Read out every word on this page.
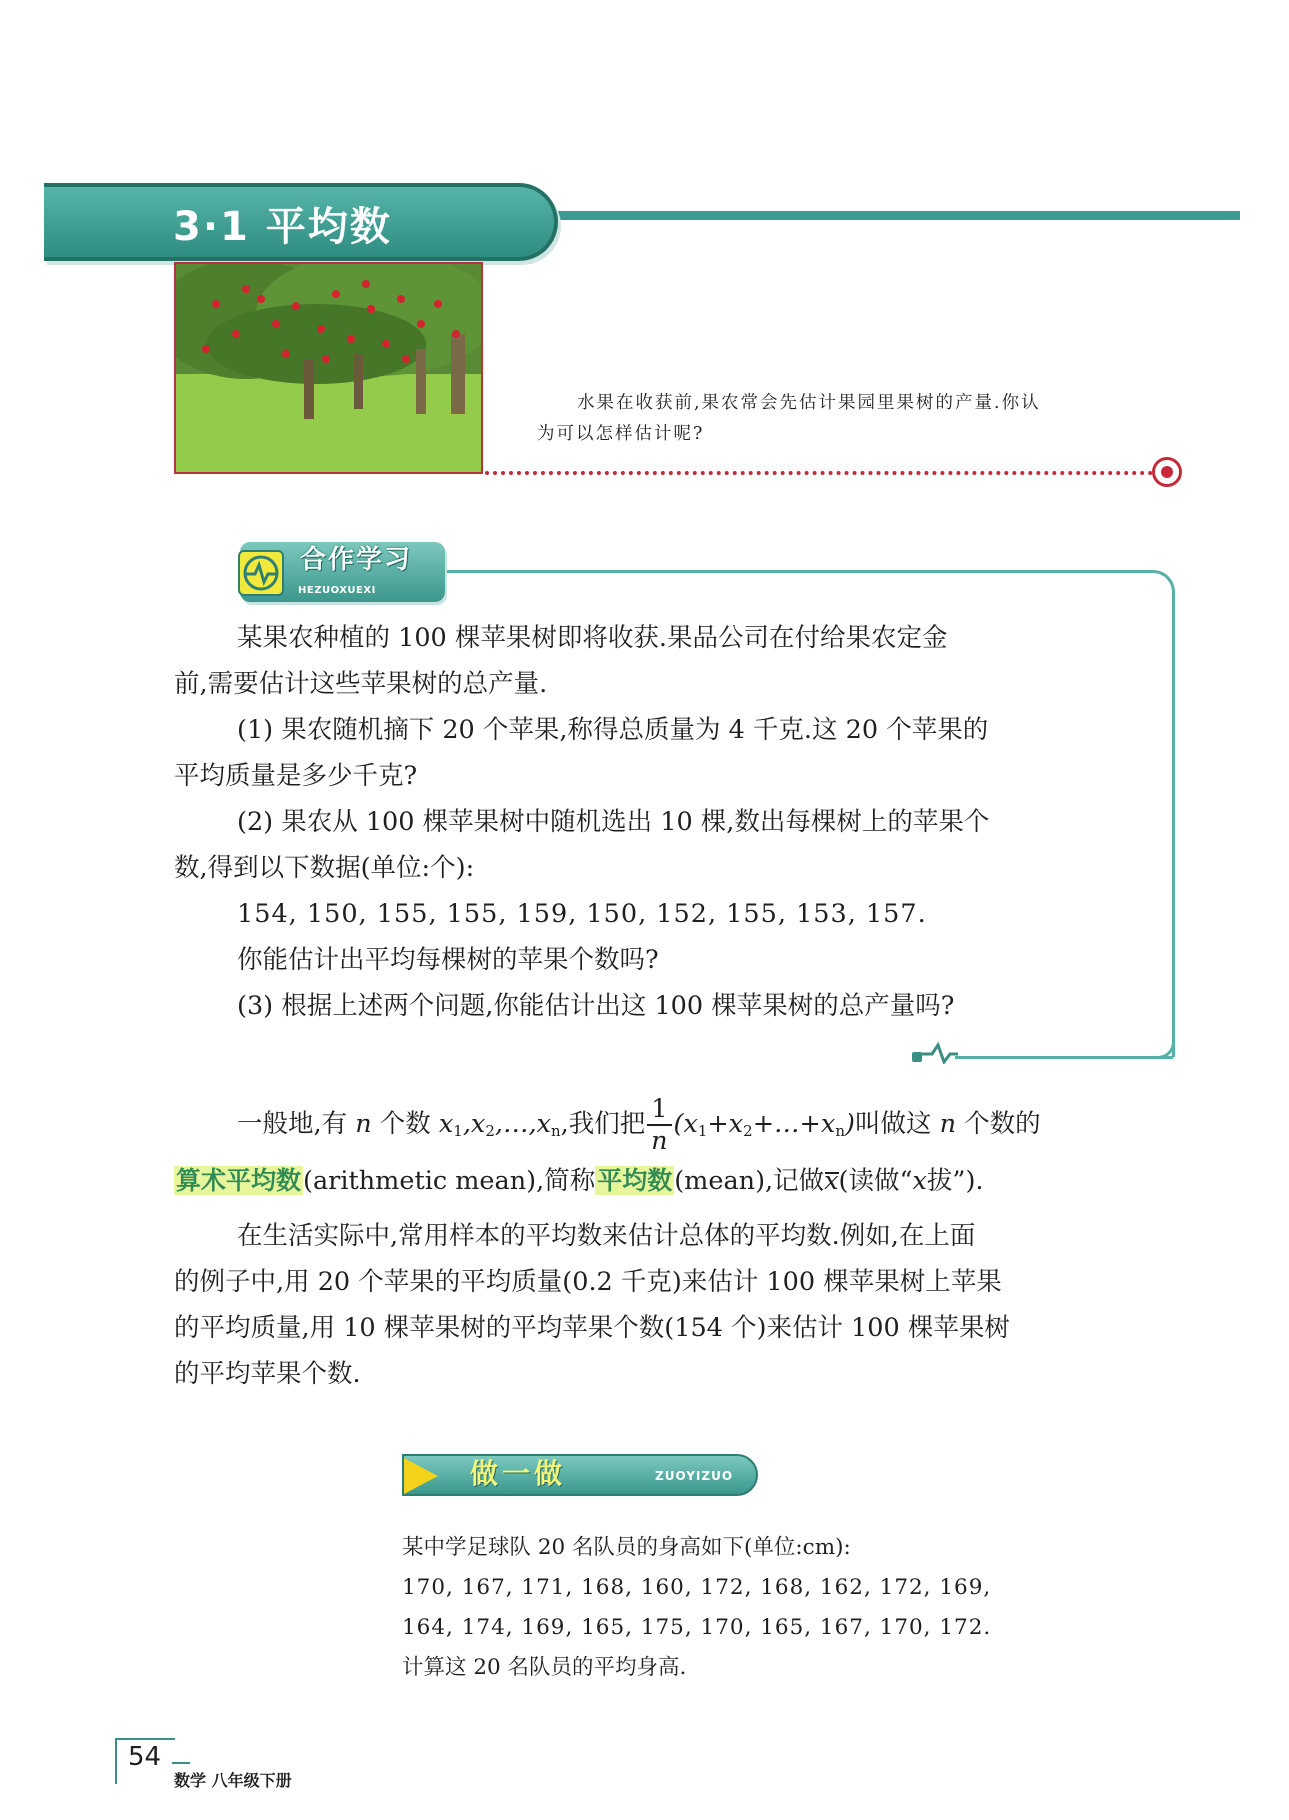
3·1 平均数
水果在收获前,果农常会先估计果园里果树的产量.你认
为可以怎样估计呢?
合作学习
HEZUOXUEXI
某果农种植的 100 棵苹果树即将收获.果品公司在付给果农定金
前,需要估计这些苹果树的总产量.
(1) 果农随机摘下 20 个苹果,称得总质量为 4 千克.这 20 个苹果的
平均质量是多少千克?
(2) 果农从 100 棵苹果树中随机选出 10 棵,数出每棵树上的苹果个
数,得到以下数据(单位:个):
154, 150, 155, 155, 159, 150, 152, 155, 153, 157.
你能估计出平均每棵树的苹果个数吗?
(3) 根据上述两个问题,你能估计出这 100 棵苹果树的总产量吗?
一般地,有 n 个数 $x_1,x_2,\dots,x_n$,我们把 $\frac{1}{n}$ $(x_1+x_2+\dots+x_n)$叫做这 n 个数的
算术平均数(arithmetic mean),简称平均数(mean),记做x(读做“x拔”).
在生活实际中,常用样本的平均数来估计总体的平均数.例如,在上面
的例子中,用 20 个苹果的平均质量(0.2 千克)来估计 100 棵苹果树上苹果
的平均质量,用 10 棵苹果树的平均苹果个数(154 个)来估计 100 棵苹果树
的平均苹果个数.
做一做	ZUOYIZUO
某中学足球队 20 名队员的身高如下(单位:cm):
170, 167, 171, 168, 160, 172, 168, 162, 172, 169,
164, 174, 169, 165, 175, 170, 165, 167, 170, 172.
计算这 20 名队员的平均身高.
54
数学 八年级下册
